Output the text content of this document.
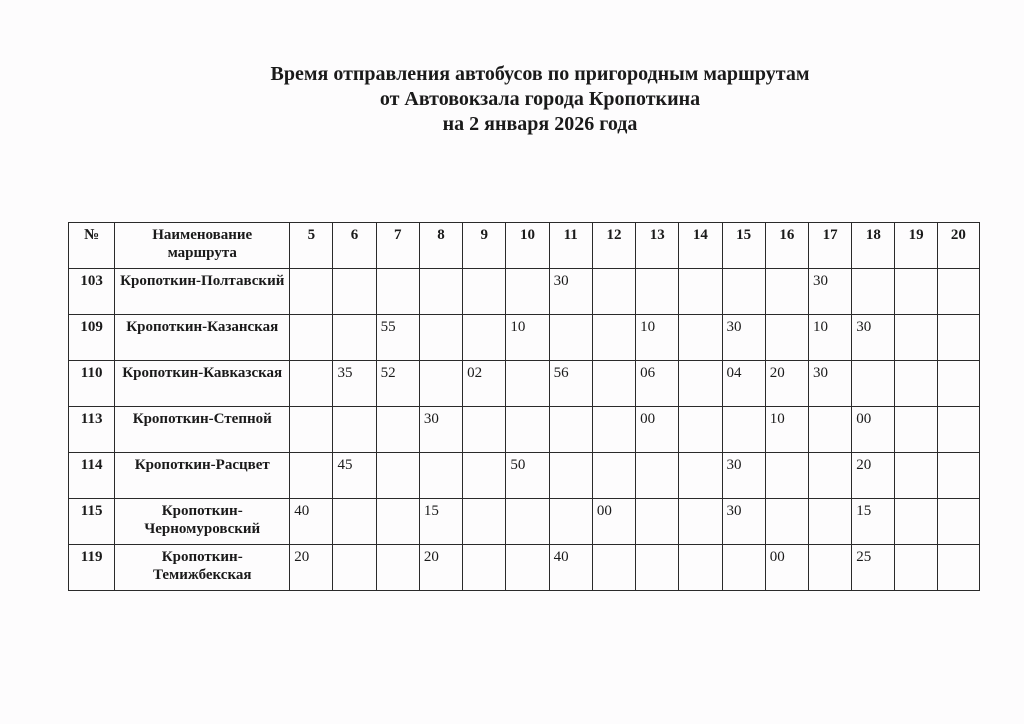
Время отправления автобусов по пригородным маршрутам
от Автовокзала города Кропоткина
на 2 января 2026 года
№	Наименование маршрута	5	6	7	8	9	10	11	12	13	14	15	16	17	18	19	20
103	Кропоткин-Полтавский							30						30			
109	Кропоткин-Казанская			55			10			10		30		10	30		
110	Кропоткин-Кавказская		35	52		02		56		06		04	20	30			
113	Кропоткин-Степной				30					00			10		00		
114	Кропоткин-Расцвет		45				50					30			20		
115	Кропоткин-Черномуровский	40			15				00			30			15		
119	Кропоткин-Темижбекская	20			20			40					00		25		
